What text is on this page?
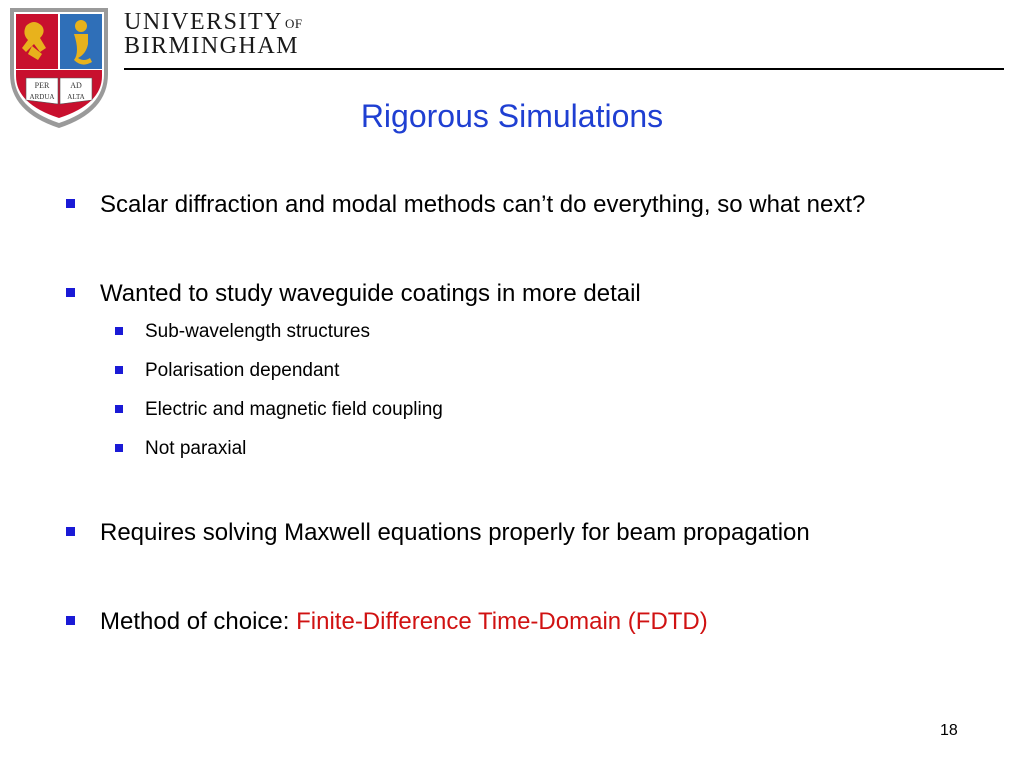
PER	AD
ARDUA ALTA
UNIVERSITY $^{OF}$
BIRMINGHAM
Rigorous Simulations
Scalar diffraction and modal methods can’t do everything, so what next?
Wanted to study waveguide coatings in more detail
Sub-wavelength structures
Polarisation dependant
Electric and magnetic field coupling
Not paraxial
Requires solving Maxwell equations properly for beam propagation
Method of choice: Finite-Difference Time-Domain (FDTD)
18
